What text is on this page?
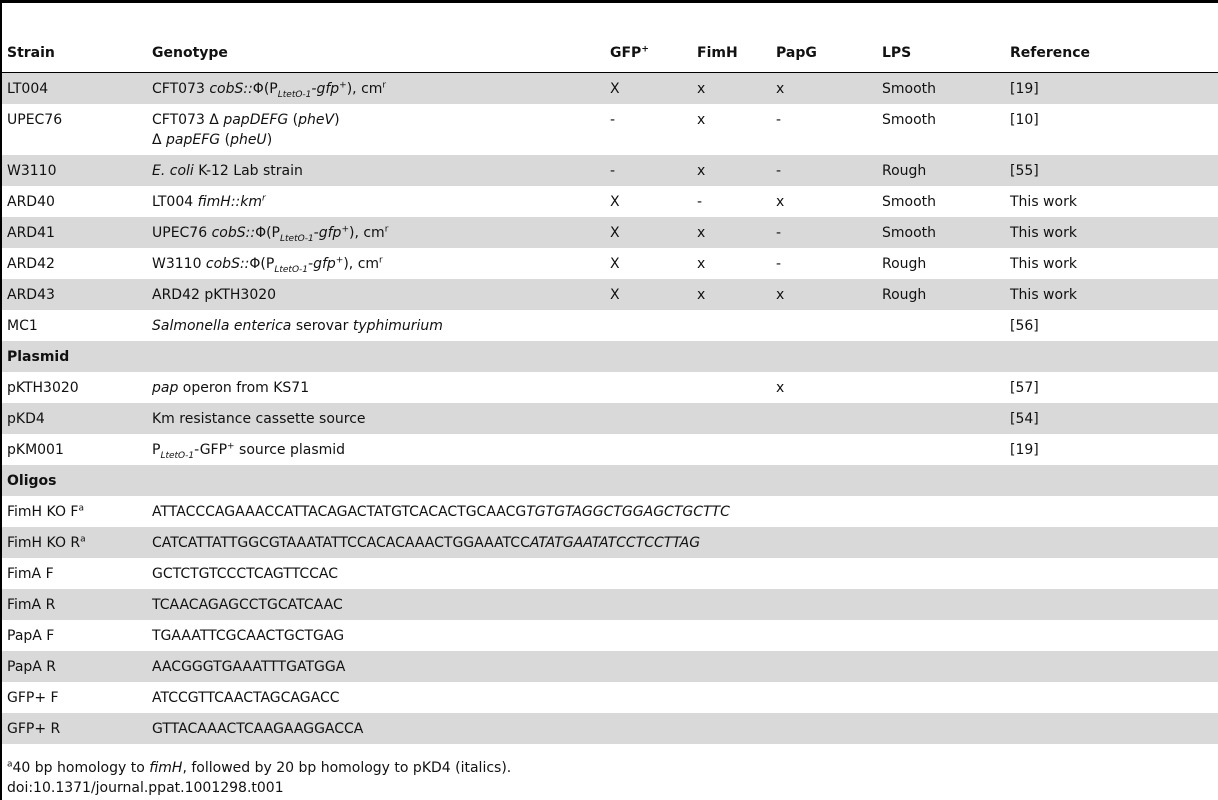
Strain	Genotype	GFP+	FimH	PapG	LPS	Reference
LT004	CFT073 $cobS::\Phi(P_{LtetO-1}-gfp^+)$, $cm^r$	X	x	x	Smooth	[19]
UPEC76	CFT073 Δ papDEFG (pheV)
Δ papEFG (pheU)	-	x	-	Smooth	[10]
W3110	E. coli K-12 Lab strain	-	x	-	Rough	[55]
ARD40	LT004 $fimH::km^r$	X	-	x	Smooth	This work
ARD41	UPEC76 $cobS::\Phi(P_{LtetO-1}-gfp^+)$, $cm^r$	X	x	-	Smooth	This work
ARD42	W3110 $cobS::\Phi(P_{LtetO-1}-gfp^+)$, $cm^r$	X	x	-	Rough	This work
ARD43	ARD42 pKTH3020	X	x	x	Rough	This work
MC1	Salmonella enterica serovar typhimurium					[56]
Plasmid						
pKTH3020	pap operon from KS71			x		[57]
pKD4	Km resistance cassette source					[54]
pKM001	$P_{LtetO-1}-GFP^+$ source plasmid					[19]
Oligos						
FimH KO $F^a$	ATTACCCAGAAACCATTACAGACTATGTCACACTGCAACGTGTGTAGGCTGGAGCTGCTTC					
FimH KO $R^a$	CATCATTATTGGCGTAAATATTCCACACAAACTGGAAATCCATATGAATATCCTCCTTAG					
FimA F	GCTCTGTCCCTCAGTTCCAC					
FimA R	TCAACAGAGCCTGCATCAAC					
PapA F	TGAAATTCGCAACTGCTGAG					
PapA R	AACGGGTGAAATTTGATGGA					
GFP+ F	ATCCGTTCAACTAGCAGACC					
GFP+ R	GTTACAAACTCAAGAAGGACCA					
$^a$40 bp homology to fimH, followed by 20 bp homology to pKD4 (italics).
doi:10.1371/journal.ppat.1001298.t001
